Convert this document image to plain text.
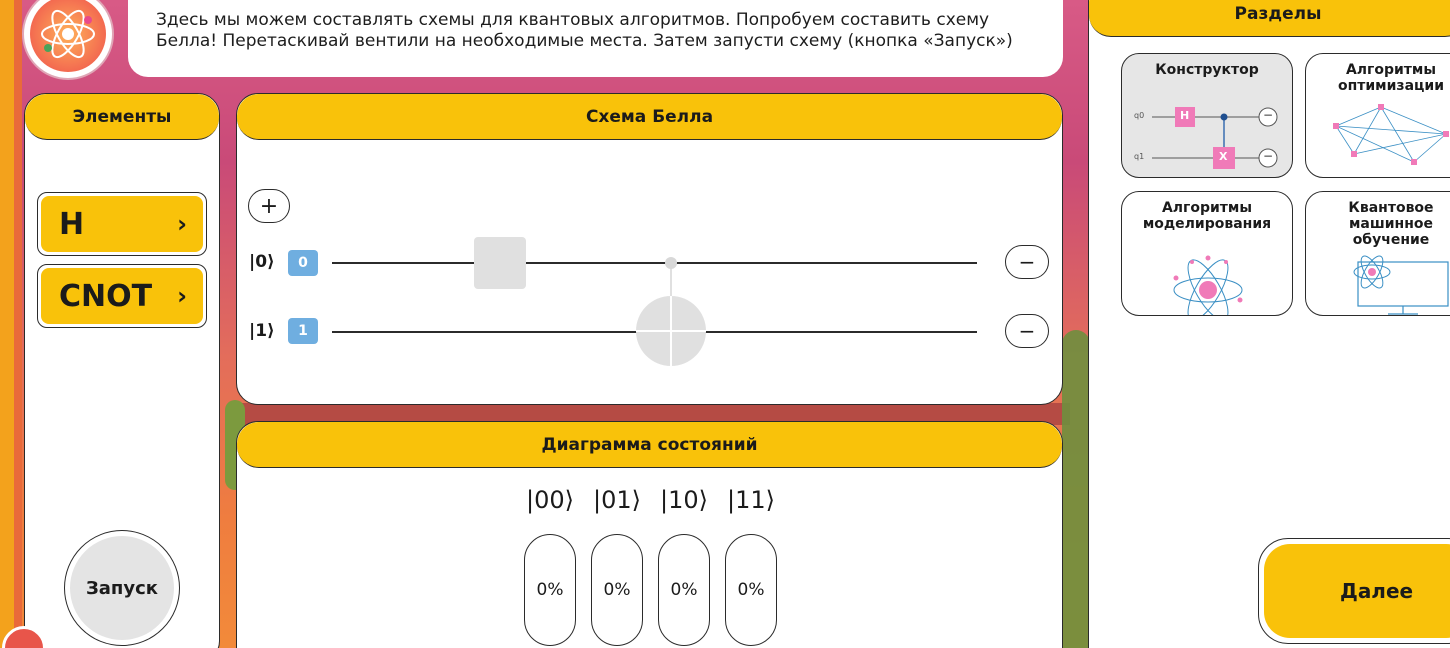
Здесь мы можем составлять схемы для квантовых алгоритмов. Попробуем составить схему
Белла! Перетаскивай вентили на необходимые места. Затем запусти схему (кнопка «Запуск»)
Элементы
H	›
CNOT ›
Запуск
Схема Белла
+
|0⟩	0	−
|1⟩	1	−
Диаграмма состояний
|00⟩ |01⟩ |10⟩ |11⟩
0%	0%	0%	0%
Разделы
Конструктор
q0
q1
H
X
−
−
Алгоритмы оптимизации
Алгоритмы моделирования
Квантовое машинное обучение
Далее
